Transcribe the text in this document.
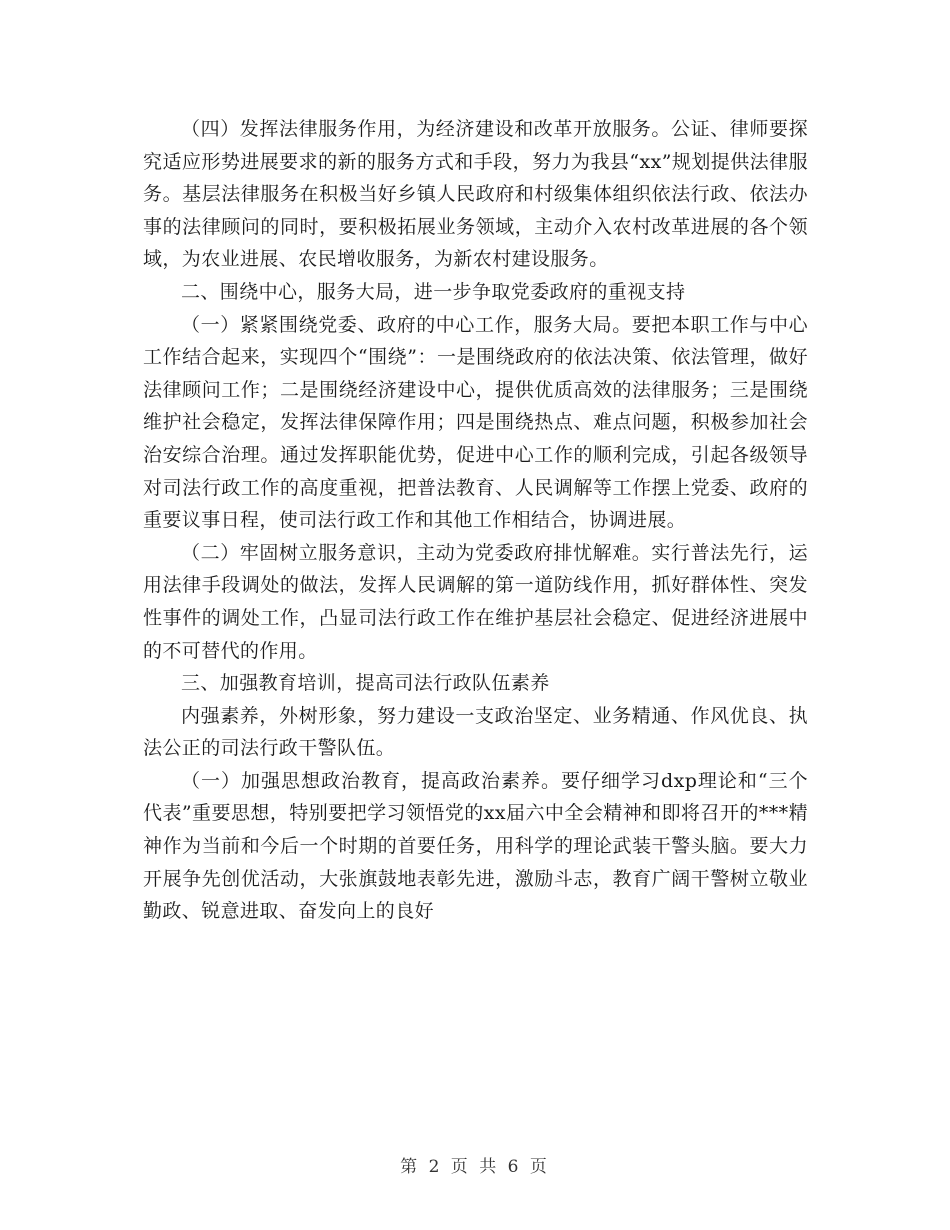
（四）发挥法律服务作用，为经济建设和改革开放服务。公证、律师要探究适应形势进展要求的新的服务方式和手段，努力为我县“xx”规划提供法律服务。基层法律服务在积极当好乡镇人民政府和村级集体组织依法行政、依法办事的法律顾问的同时，要积极拓展业务领域，主动介入农村改革进展的各个领域，为农业进展、农民增收服务，为新农村建设服务。

二、围绕中心，服务大局，进一步争取党委政府的重视支持

（一）紧紧围绕党委、政府的中心工作，服务大局。要把本职工作与中心工作结合起来，实现四个“围绕”：一是围绕政府的依法决策、依法管理，做好法律顾问工作；二是围绕经济建设中心，提供优质高效的法律服务；三是围绕维护社会稳定，发挥法律保障作用；四是围绕热点、难点问题，积极参加社会治安综合治理。通过发挥职能优势，促进中心工作的顺利完成，引起各级领导对司法行政工作的高度重视，把普法教育、人民调解等工作摆上党委、政府的重要议事日程，使司法行政工作和其他工作相结合，协调进展。

（二）牢固树立服务意识，主动为党委政府排忧解难。实行普法先行，运用法律手段调处的做法，发挥人民调解的第一道防线作用，抓好群体性、突发性事件的调处工作，凸显司法行政工作在维护基层社会稳定、促进经济进展中的不可替代的作用。

三、加强教育培训，提高司法行政队伍素养

内强素养，外树形象，努力建设一支政治坚定、业务精通、作风优良、执法公正的司法行政干警队伍。

（一）加强思想政治教育，提高政治素养。要仔细学习dxp理论和“三个代表”重要思想，特别要把学习领悟党的xx届六中全会精神和即将召开的***精神作为当前和今后一个时期的首要任务，用科学的理论武装干警头脑。要大力开展争先创优活动，大张旗鼓地表彰先进，激励斗志，教育广阔干警树立敬业勤政、锐意进取、奋发向上的良好

第 2 页 共 6 页
